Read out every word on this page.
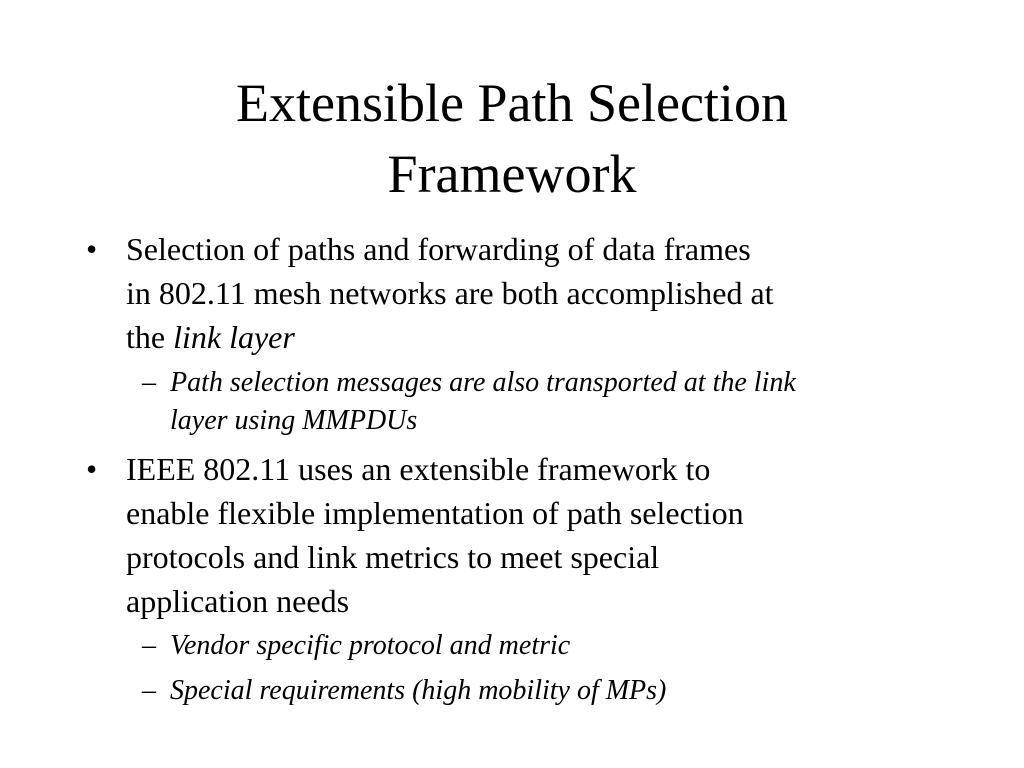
Extensible Path Selection
Framework
• Selection of paths and forwarding of data frames
in 802.11 mesh networks are both accomplished at
the link layer
– Path selection messages are also transported at the link
layer using MMPDUs
• IEEE 802.11 uses an extensible framework to
enable flexible implementation of path selection
protocols and link metrics to meet special
application needs
– Vendor specific protocol and metric
– Special requirements (high mobility of MPs)
